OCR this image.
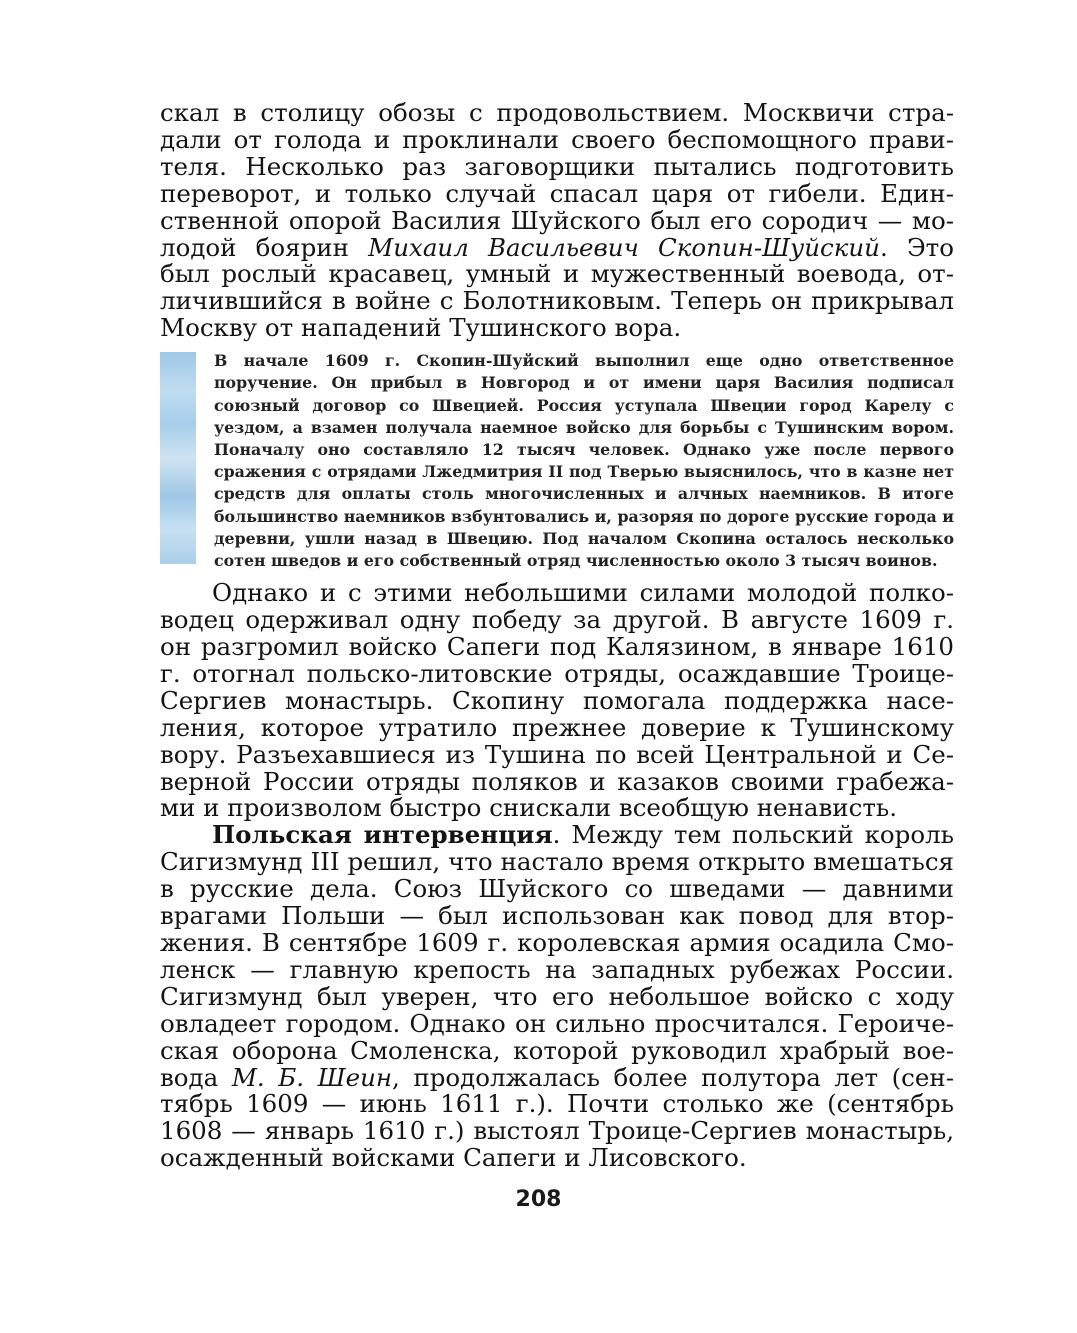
скал в столицу обозы с продовольствием. Москвичи страдали от голода и проклинали своего беспомощного правителя. Несколько раз заговорщики пытались подготовить переворот, и только случай спасал царя от гибели. Единственной опорой Василия Шуйского был его сородич — молодой боярин Михаил Васильевич Скопин-Шуйский. Это был рослый красавец, умный и мужественный воевода, отличившийся в войне с Болотниковым. Теперь он прикрывал Москву от нападений Тушинского вора.

В начале 1609 г. Скопин-Шуйский выполнил еще одно ответственное поручение. Он прибыл в Новгород и от имени царя Василия подписал союзный договор со Швецией. Россия уступала Швеции город Карелу с уездом, а взамен получала наемное войско для борьбы с Тушинским вором. Поначалу оно составляло 12 тысяч человек. Однако уже после первого сражения с отрядами Лжедмитрия II под Тверью выяснилось, что в казне нет средств для оплаты столь многочисленных и алчных наемников. В итоге большинство наемников взбунтовались и, разоряя по дороге русские города и деревни, ушли назад в Швецию. Под началом Скопина осталось несколько сотен шведов и его собственный отряд численностью около 3 тысяч воинов.

Однако и с этими небольшими силами молодой полководец одерживал одну победу за другой. В августе 1609 г. он разгромил войско Сапеги под Калязином, в январе 1610 г. отогнал польско-литовские отряды, осаждавшие Троице-Сергиев монастырь. Скопину помогала поддержка населения, которое утратило прежнее доверие к Тушинскому вору. Разъехавшиеся из Тушина по всей Центральной и Северной России отряды поляков и казаков своими грабежами и произволом быстро снискали всеобщую ненависть.

Польская интервенция. Между тем польский король Сигизмунд III решил, что настало время открыто вмешаться в русские дела. Союз Шуйского со шведами — давними врагами Польши — был использован как повод для вторжения. В сентябре 1609 г. королевская армия осадила Смоленск — главную крепость на западных рубежах России. Сигизмунд был уверен, что его небольшое войско с ходу овладеет городом. Однако он сильно просчитался. Героическая оборона Смоленска, которой руководил храбрый воевода М. Б. Шеин, продолжалась более полутора лет (сентябрь 1609 — июнь 1611 г.). Почти столько же (сентябрь 1608 — январь 1610 г.) выстоял Троице-Сергиев монастырь, осажденный войсками Сапеги и Лисовского.

208
